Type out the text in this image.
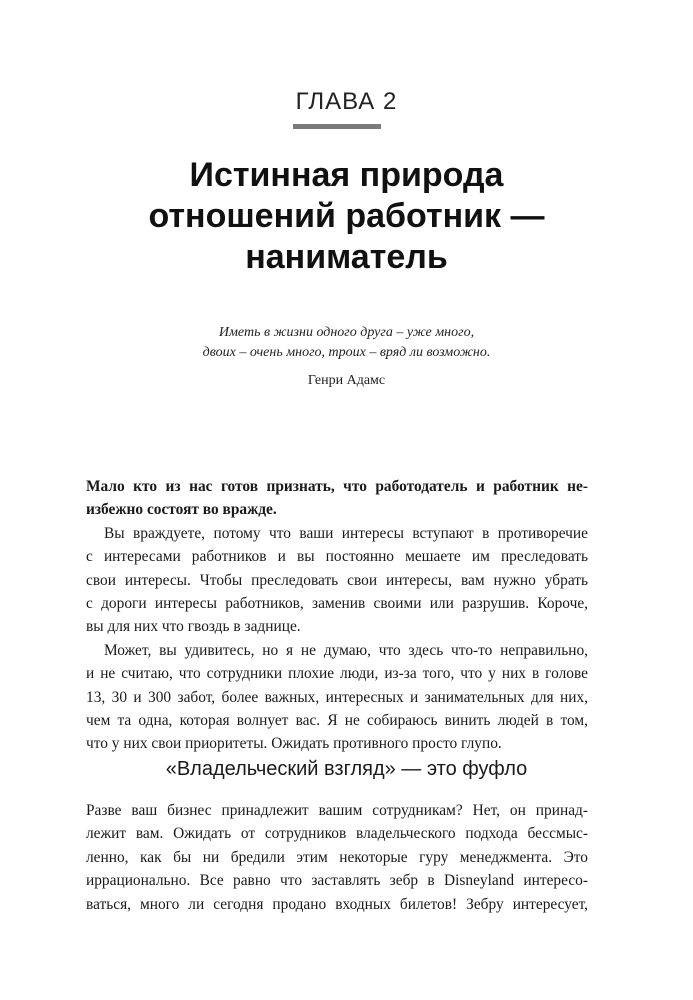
ГЛАВА 2
Истинная природа
отношений работник —
наниматель
Иметь в жизни одного друга – уже много,
двоих – очень много, троих – вряд ли возможно.
Генри Адамс
Мало кто из нас готов признать, что работодатель и работник не-
избежно состоят во вражде.
Вы враждуете, потому что ваши интересы вступают в противоречие
с интересами работников и вы постоянно мешаете им преследовать
свои интересы. Чтобы преследовать свои интересы, вам нужно убрать
с дороги интересы работников, заменив своими или разрушив. Короче,
вы для них что гвоздь в заднице.
Может, вы удивитесь, но я не думаю, что здесь что-то неправильно,
и не считаю, что сотрудники плохие люди, из-за того, что у них в голове
13, 30 и 300 забот, более важных, интересных и занимательных для них,
чем та одна, которая волнует вас. Я не собираюсь винить людей в том,
что у них свои приоритеты. Ожидать противного просто глупо.
«Владельческий взгляд» — это фуфло
Разве ваш бизнес принадлежит вашим сотрудникам? Нет, он принад-
лежит вам. Ожидать от сотрудников владельческого подхода бессмыс-
ленно, как бы ни бредили этим некоторые гуру менеджмента. Это
иррационально. Все равно что заставлять зебр в Disneyland интересо-
ваться, много ли сегодня продано входных билетов! Зебру интересует,
